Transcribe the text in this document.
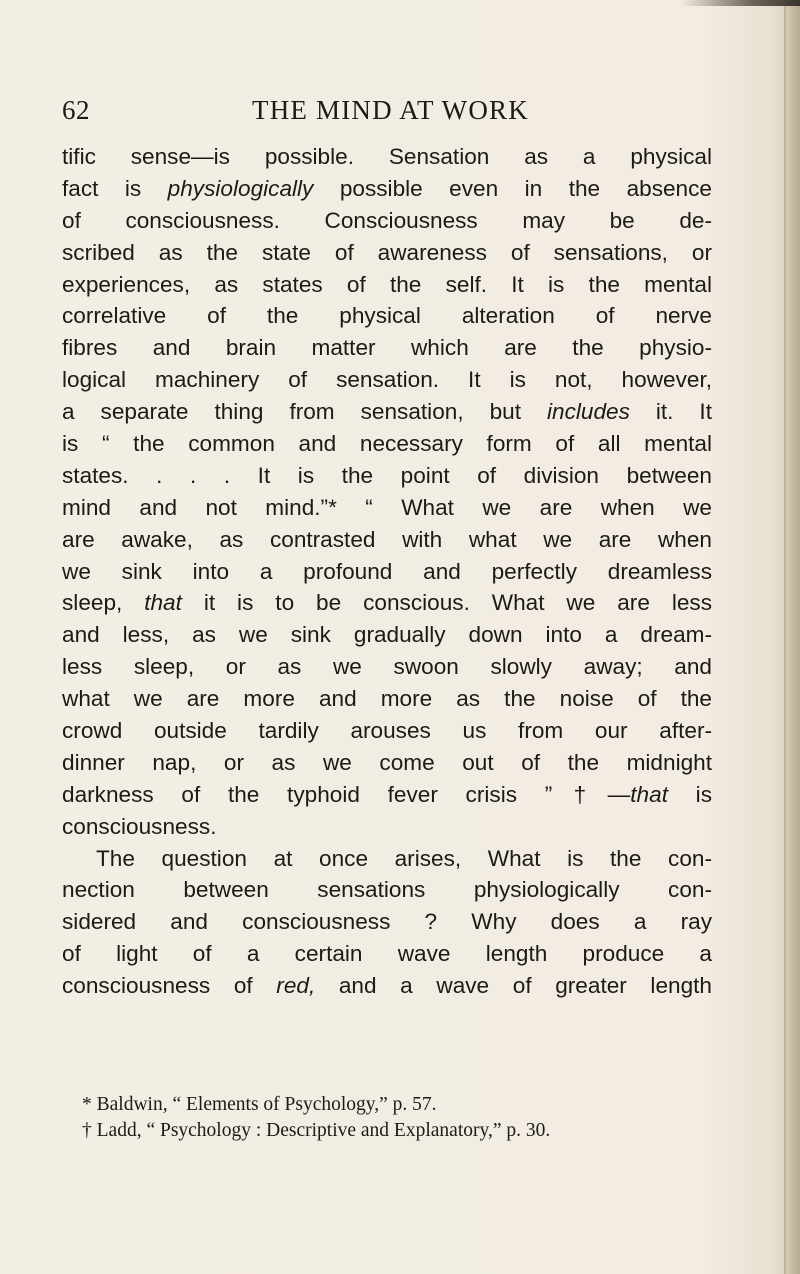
62	THE MIND AT WORK
tific sense—is possible. Sensation as a physical
fact is physiologically possible even in the absence
of consciousness. Consciousness may be de-
scribed as the state of awareness of sensations, or
experiences, as states of the self. It is the mental
correlative of the physical alteration of nerve
fibres and brain matter which are the physio-
logical machinery of sensation. It is not, however,
a separate thing from sensation, but includes it. It
is “ the common and necessary form of all mental
states. . . . It is the point of division between
mind and not mind.”* “ What we are when we
are awake, as contrasted with what we are when
we sink into a profound and perfectly dreamless
sleep, that it is to be conscious. What we are less
and less, as we sink gradually down into a dream-
less sleep, or as we swoon slowly away; and
what we are more and more as the noise of the
crowd outside tardily arouses us from our after-
dinner nap, or as we come out of the midnight
darkness of the typhoid fever crisis ”†—that is
consciousness.
The question at once arises, What is the con-
nection between sensations physiologically con-
sidered and consciousness ? Why does a ray
of light of a certain wave length produce a
consciousness of red, and a wave of greater length
* Baldwin, “ Elements of Psychology,” p. 57.
† Ladd, “ Psychology : Descriptive and Explanatory,” p. 30.
